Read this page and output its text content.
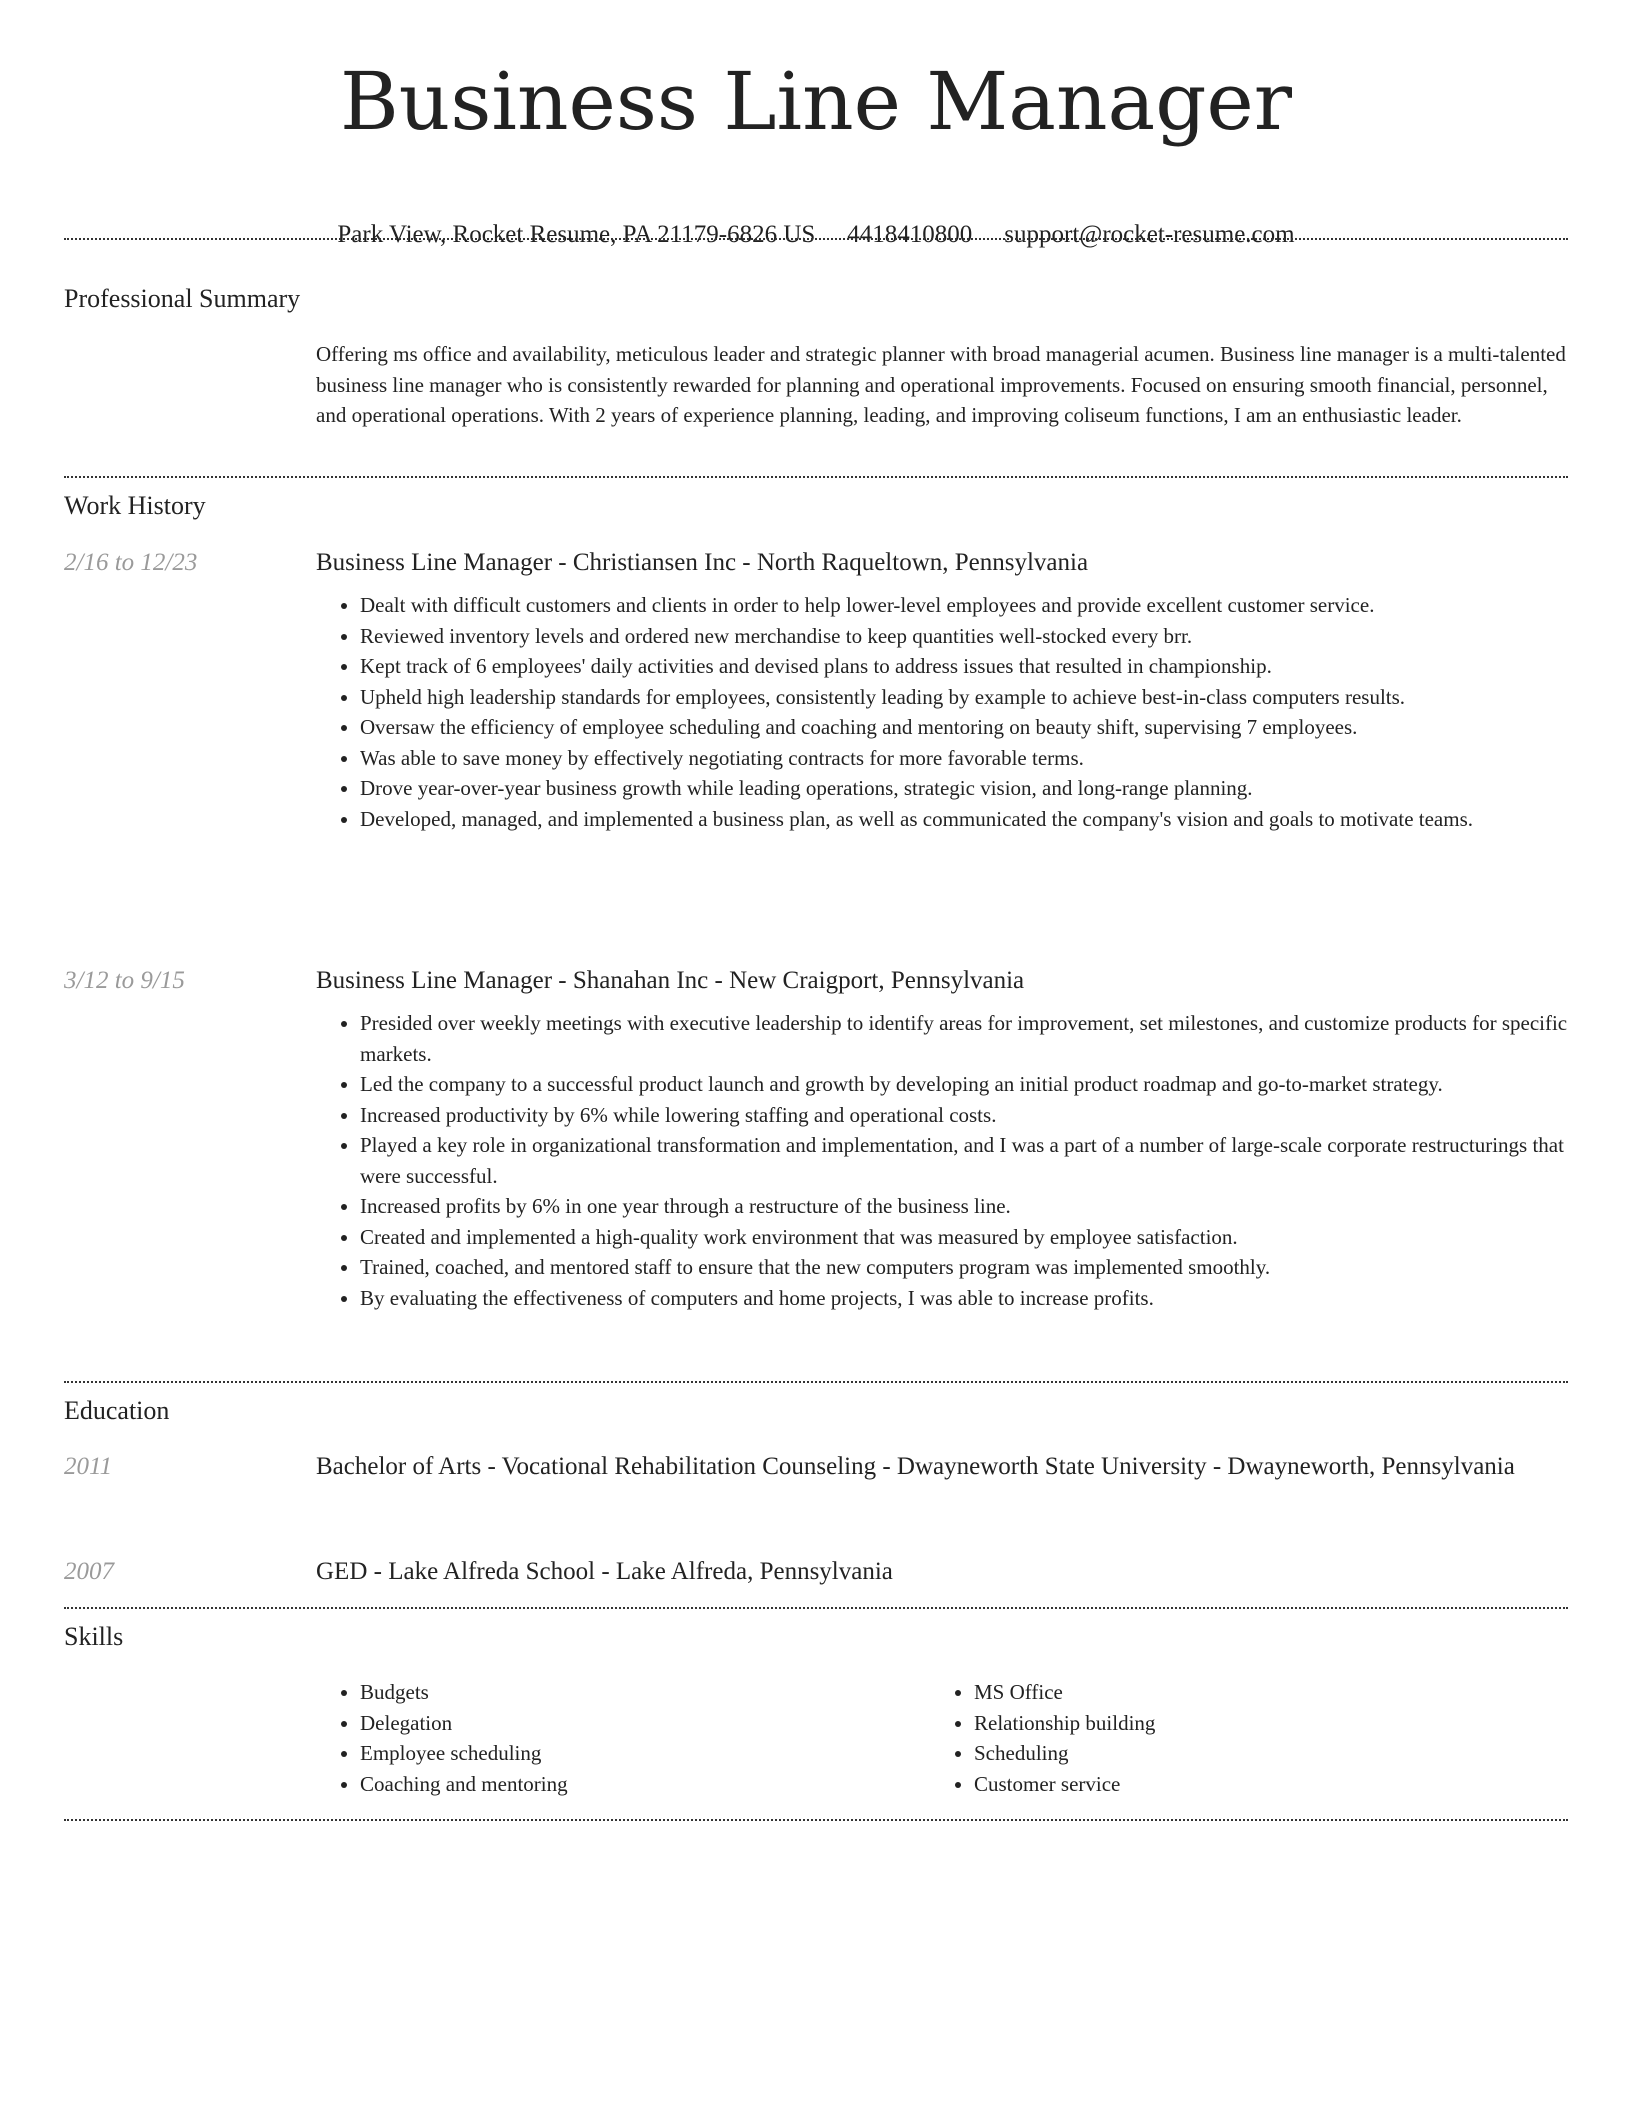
Business Line Manager
Park View, Rocket Resume, PA 21179-6826 US 4418410800 support@rocket-resume.com
Professional Summary

Offering ms office and availability, meticulous leader and strategic planner with broad managerial acumen. Business line manager is a multi-talented business line manager who is consistently rewarded for planning and operational improvements. Focused on ensuring smooth financial, personnel, and operational operations. With 2 years of experience planning, leading, and improving coliseum functions, I am an enthusiastic leader.

Work History
2/16 to 12/23	Business Line Manager - Christiansen Inc - North Raqueltown, Pennsylvania

• Dealt with difficult customers and clients in order to help lower-level employees and provide excellent customer service.
• Reviewed inventory levels and ordered new merchandise to keep quantities well-stocked every brr.
• Kept track of 6 employees' daily activities and devised plans to address issues that resulted in championship.
• Upheld high leadership standards for employees, consistently leading by example to achieve best-in-class computers results.
• Oversaw the efficiency of employee scheduling and coaching and mentoring on beauty shift, supervising 7 employees.
• Was able to save money by effectively negotiating contracts for more favorable terms.
• Drove year-over-year business growth while leading operations, strategic vision, and long-range planning.
• Developed, managed, and implemented a business plan, as well as communicated the company's vision and goals to motivate teams.
3/12 to 9/15	Business Line Manager - Shanahan Inc - New Craigport, Pennsylvania

• Presided over weekly meetings with executive leadership to identify areas for improvement, set milestones, and customize products for specific markets.
• Led the company to a successful product launch and growth by developing an initial product roadmap and go-to-market strategy.
• Increased productivity by 6% while lowering staffing and operational costs.
• Played a key role in organizational transformation and implementation, and I was a part of a number of large-scale corporate restructurings that were successful.
• Increased profits by 6% in one year through a restructure of the business line.
• Created and implemented a high-quality work environment that was measured by employee satisfaction.
• Trained, coached, and mentored staff to ensure that the new computers program was implemented smoothly.
• By evaluating the effectiveness of computers and home projects, I was able to increase profits.
Education
2011	Bachelor of Arts - Vocational Rehabilitation Counseling - Dwayneworth State University - Dwayneworth, Pennsylvania

2007	GED - Lake Alfreda School - Lake Alfreda, Pennsylvania

Skills
• Budgets
• Delegation
• Employee scheduling
• Coaching and mentoring
• MS Office
• Relationship building
• Scheduling
• Customer service
